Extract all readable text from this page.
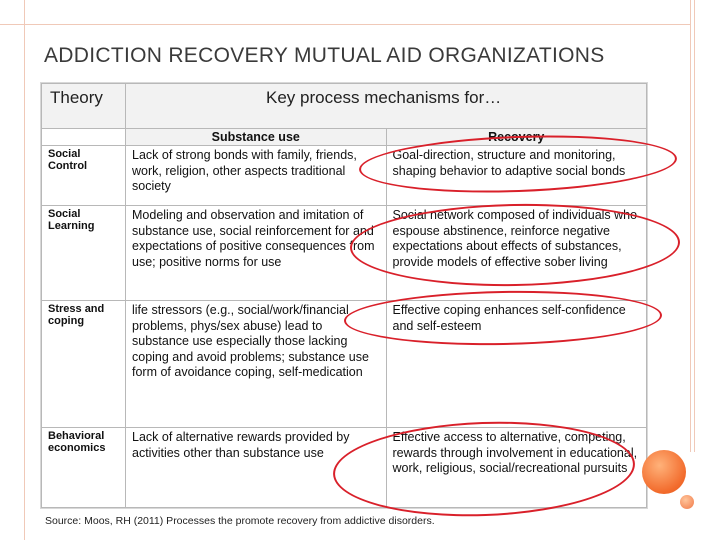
ADDICTION RECOVERY MUTUAL AID ORGANIZATIONS
Theory	Key process mechanisms for…	
	Substance use	Recovery
Social Control	Lack of strong bonds with family, friends, work, religion, other aspects traditional society	Goal-direction, structure and monitoring, shaping behavior to adaptive social bonds
Social Learning	Modeling and observation and imitation of substance use, social reinforcement for and expectations of positive consequences from use; positive norms for use	Social network composed of individuals who espouse abstinence, reinforce negative expectations about effects of substances, provide models of effective sober living
Stress and coping	life stressors (e.g., social/work/financial problems, phys/sex abuse) lead to substance use especially those lacking coping and avoid problems; substance use form of avoidance coping, self-medication	Effective coping enhances self-confidence and self-esteem
Behavioral economics	Lack of alternative rewards provided by activities other than substance use	Effective access to alternative, competing, rewards through involvement in educational, work, religious, social/recreational pursuits
Source: Moos, RH (2011) Processes the promote recovery from addictive disorders.
